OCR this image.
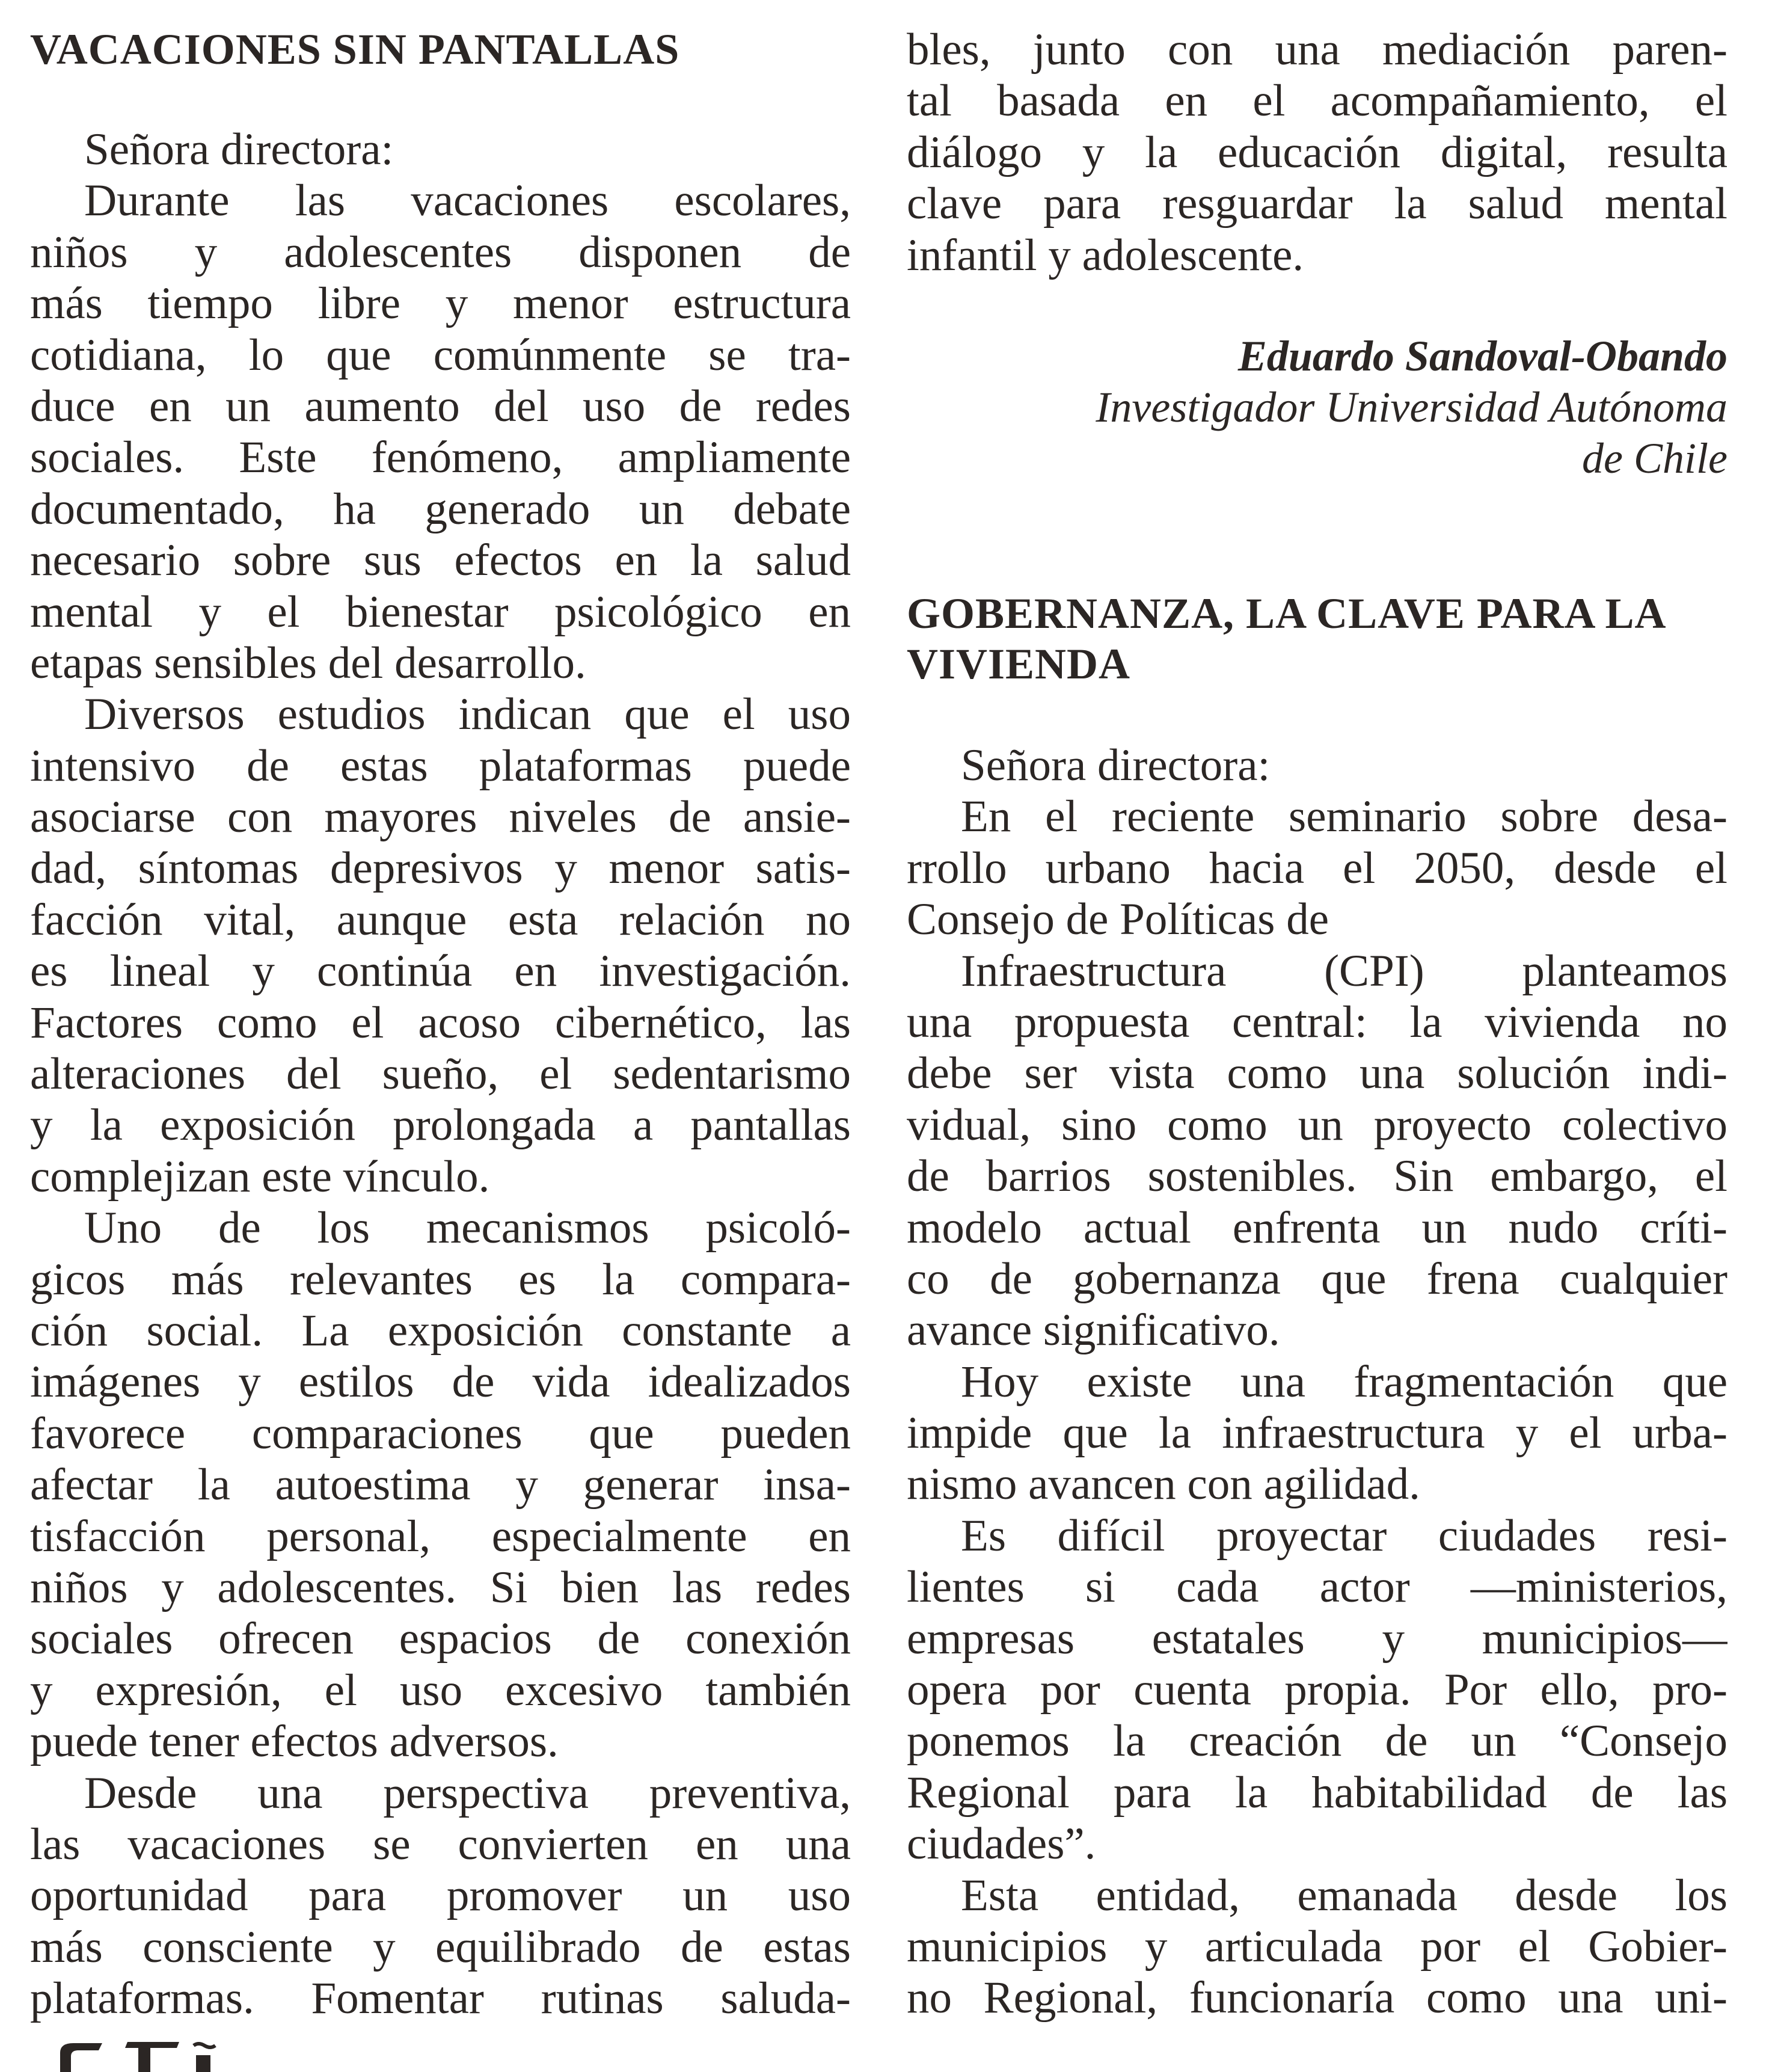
VACACIONES SIN PANTALLAS
Señora directora:
Durante las vacaciones escolares,
niños y adolescentes disponen de
más tiempo libre y menor estructura
cotidiana, lo que comúnmente se tra-
duce en un aumento del uso de redes
sociales. Este fenómeno, ampliamente
documentado, ha generado un debate
necesario sobre sus efectos en la salud
mental y el bienestar psicológico en
etapas sensibles del desarrollo.
Diversos estudios indican que el uso
intensivo de estas plataformas puede
asociarse con mayores niveles de ansie-
dad, síntomas depresivos y menor satis-
facción vital, aunque esta relación no
es lineal y continúa en investigación.
Factores como el acoso cibernético, las
alteraciones del sueño, el sedentarismo
y la exposición prolongada a pantallas
complejizan este vínculo.
Uno de los mecanismos psicoló-
gicos más relevantes es la compara-
ción social. La exposición constante a
imágenes y estilos de vida idealizados
favorece comparaciones que pueden
afectar la autoestima y generar insa-
tisfacción personal, especialmente en
niños y adolescentes. Si bien las redes
sociales ofrecen espacios de conexión
y expresión, el uso excesivo también
puede tener efectos adversos.
Desde una perspectiva preventiva,
las vacaciones se convierten en una
oportunidad para promover un uso
más consciente y equilibrado de estas
plataformas. Fomentar rutinas saluda-
bles, junto con una mediación paren-
tal basada en el acompañamiento, el
diálogo y la educación digital, resulta
clave para resguardar la salud mental
infantil y adolescente.
Eduardo Sandoval-Obando
Investigador Universidad Autónoma
de Chile
GOBERNANZA, LA CLAVE PARA LA
VIVIENDA
Señora directora:
En el reciente seminario sobre desa-
rrollo urbano hacia el 2050, desde el
Consejo de Políticas de
Infraestructura (CPI) planteamos
una propuesta central: la vivienda no
debe ser vista como una solución indi-
vidual, sino como un proyecto colectivo
de barrios sostenibles. Sin embargo, el
modelo actual enfrenta un nudo críti-
co de gobernanza que frena cualquier
avance significativo.
Hoy existe una fragmentación que
impide que la infraestructura y el urba-
nismo avancen con agilidad.
Es difícil proyectar ciudades resi-
lientes si cada actor —ministerios,
empresas estatales y municipios—
opera por cuenta propia. Por ello, pro-
ponemos la creación de un “Consejo
Regional para la habitabilidad de las
ciudades”.
Esta entidad, emanada desde los
municipios y articulada por el Gobier-
no Regional, funcionaría como una uni-
